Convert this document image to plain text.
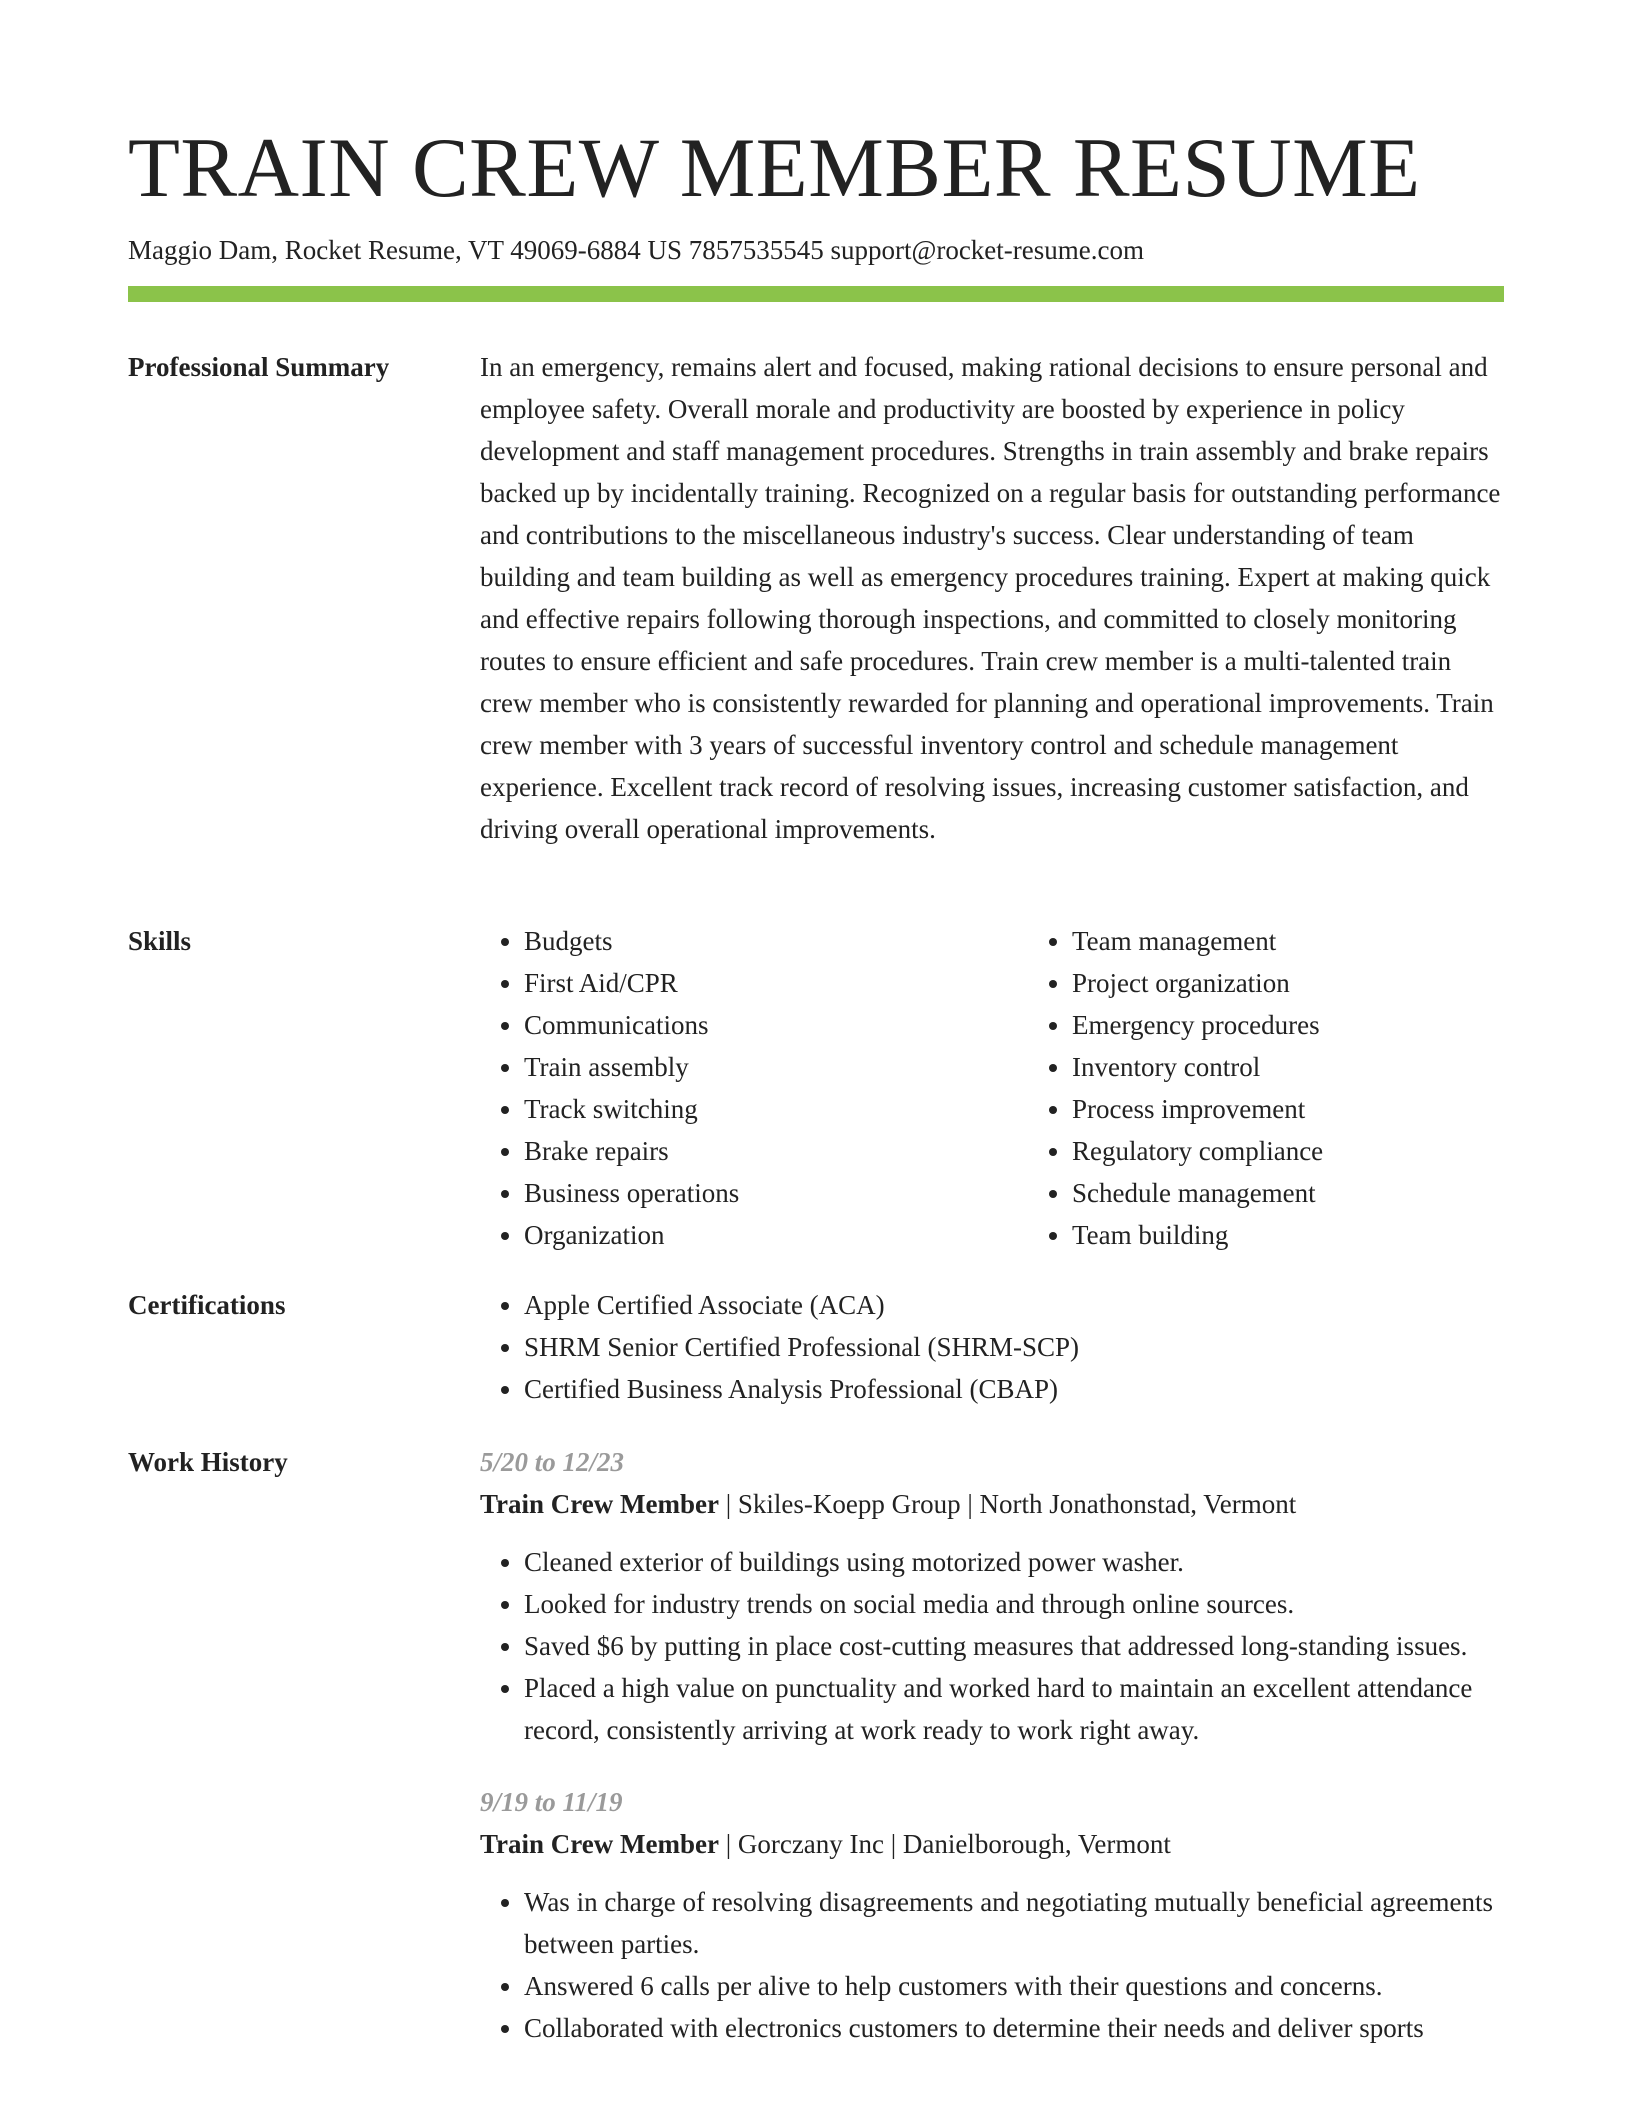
TRAIN CREW MEMBER RESUME
Maggio Dam, Rocket Resume, VT 49069-6884 US 7857535545 support@rocket-resume.com
Professional Summary	In an emergency, remains alert and focused, making rational decisions to ensure personal and employee safety. Overall morale and productivity are boosted by experience in policy development and staff management procedures. Strengths in train assembly and brake repairs backed up by incidentally training. Recognized on a regular basis for outstanding performance and contributions to the miscellaneous industry's success. Clear understanding of team building and team building as well as emergency procedures training. Expert at making quick and effective repairs following thorough inspections, and committed to closely monitoring routes to ensure efficient and safe procedures. Train crew member is a multi-talented train crew member who is consistently rewarded for planning and operational improvements. Train crew member with 3 years of successful inventory control and schedule management experience. Excellent track record of resolving issues, increasing customer satisfaction, and driving overall operational improvements.

Skills	• Budgets
• First Aid/CPR
• Communications
• Train assembly
• Track switching
• Brake repairs
• Business operations
• Organization
• Team management
• Project organization
• Emergency procedures
• Inventory control
• Process improvement
• Regulatory compliance
• Schedule management
• Team building
Certifications	• Apple Certified Associate (ACA)
• SHRM Senior Certified Professional (SHRM-SCP)
• Certified Business Analysis Professional (CBAP)
Work History	5/20 to 12/23
Train Crew Member | Skiles-Koepp Group | North Jonathonstad, Vermont
• Cleaned exterior of buildings using motorized power washer.
• Looked for industry trends on social media and through online sources.
• Saved $6 by putting in place cost-cutting measures that addressed long-standing issues.
• Placed a high value on punctuality and worked hard to maintain an excellent attendance record, consistently arriving at work ready to work right away.
9/19 to 11/19
Train Crew Member | Gorczany Inc | Danielborough, Vermont
• Was in charge of resolving disagreements and negotiating mutually beneficial agreements between parties.
• Answered 6 calls per alive to help customers with their questions and concerns.
• Collaborated with electronics customers to determine their needs and deliver sports
